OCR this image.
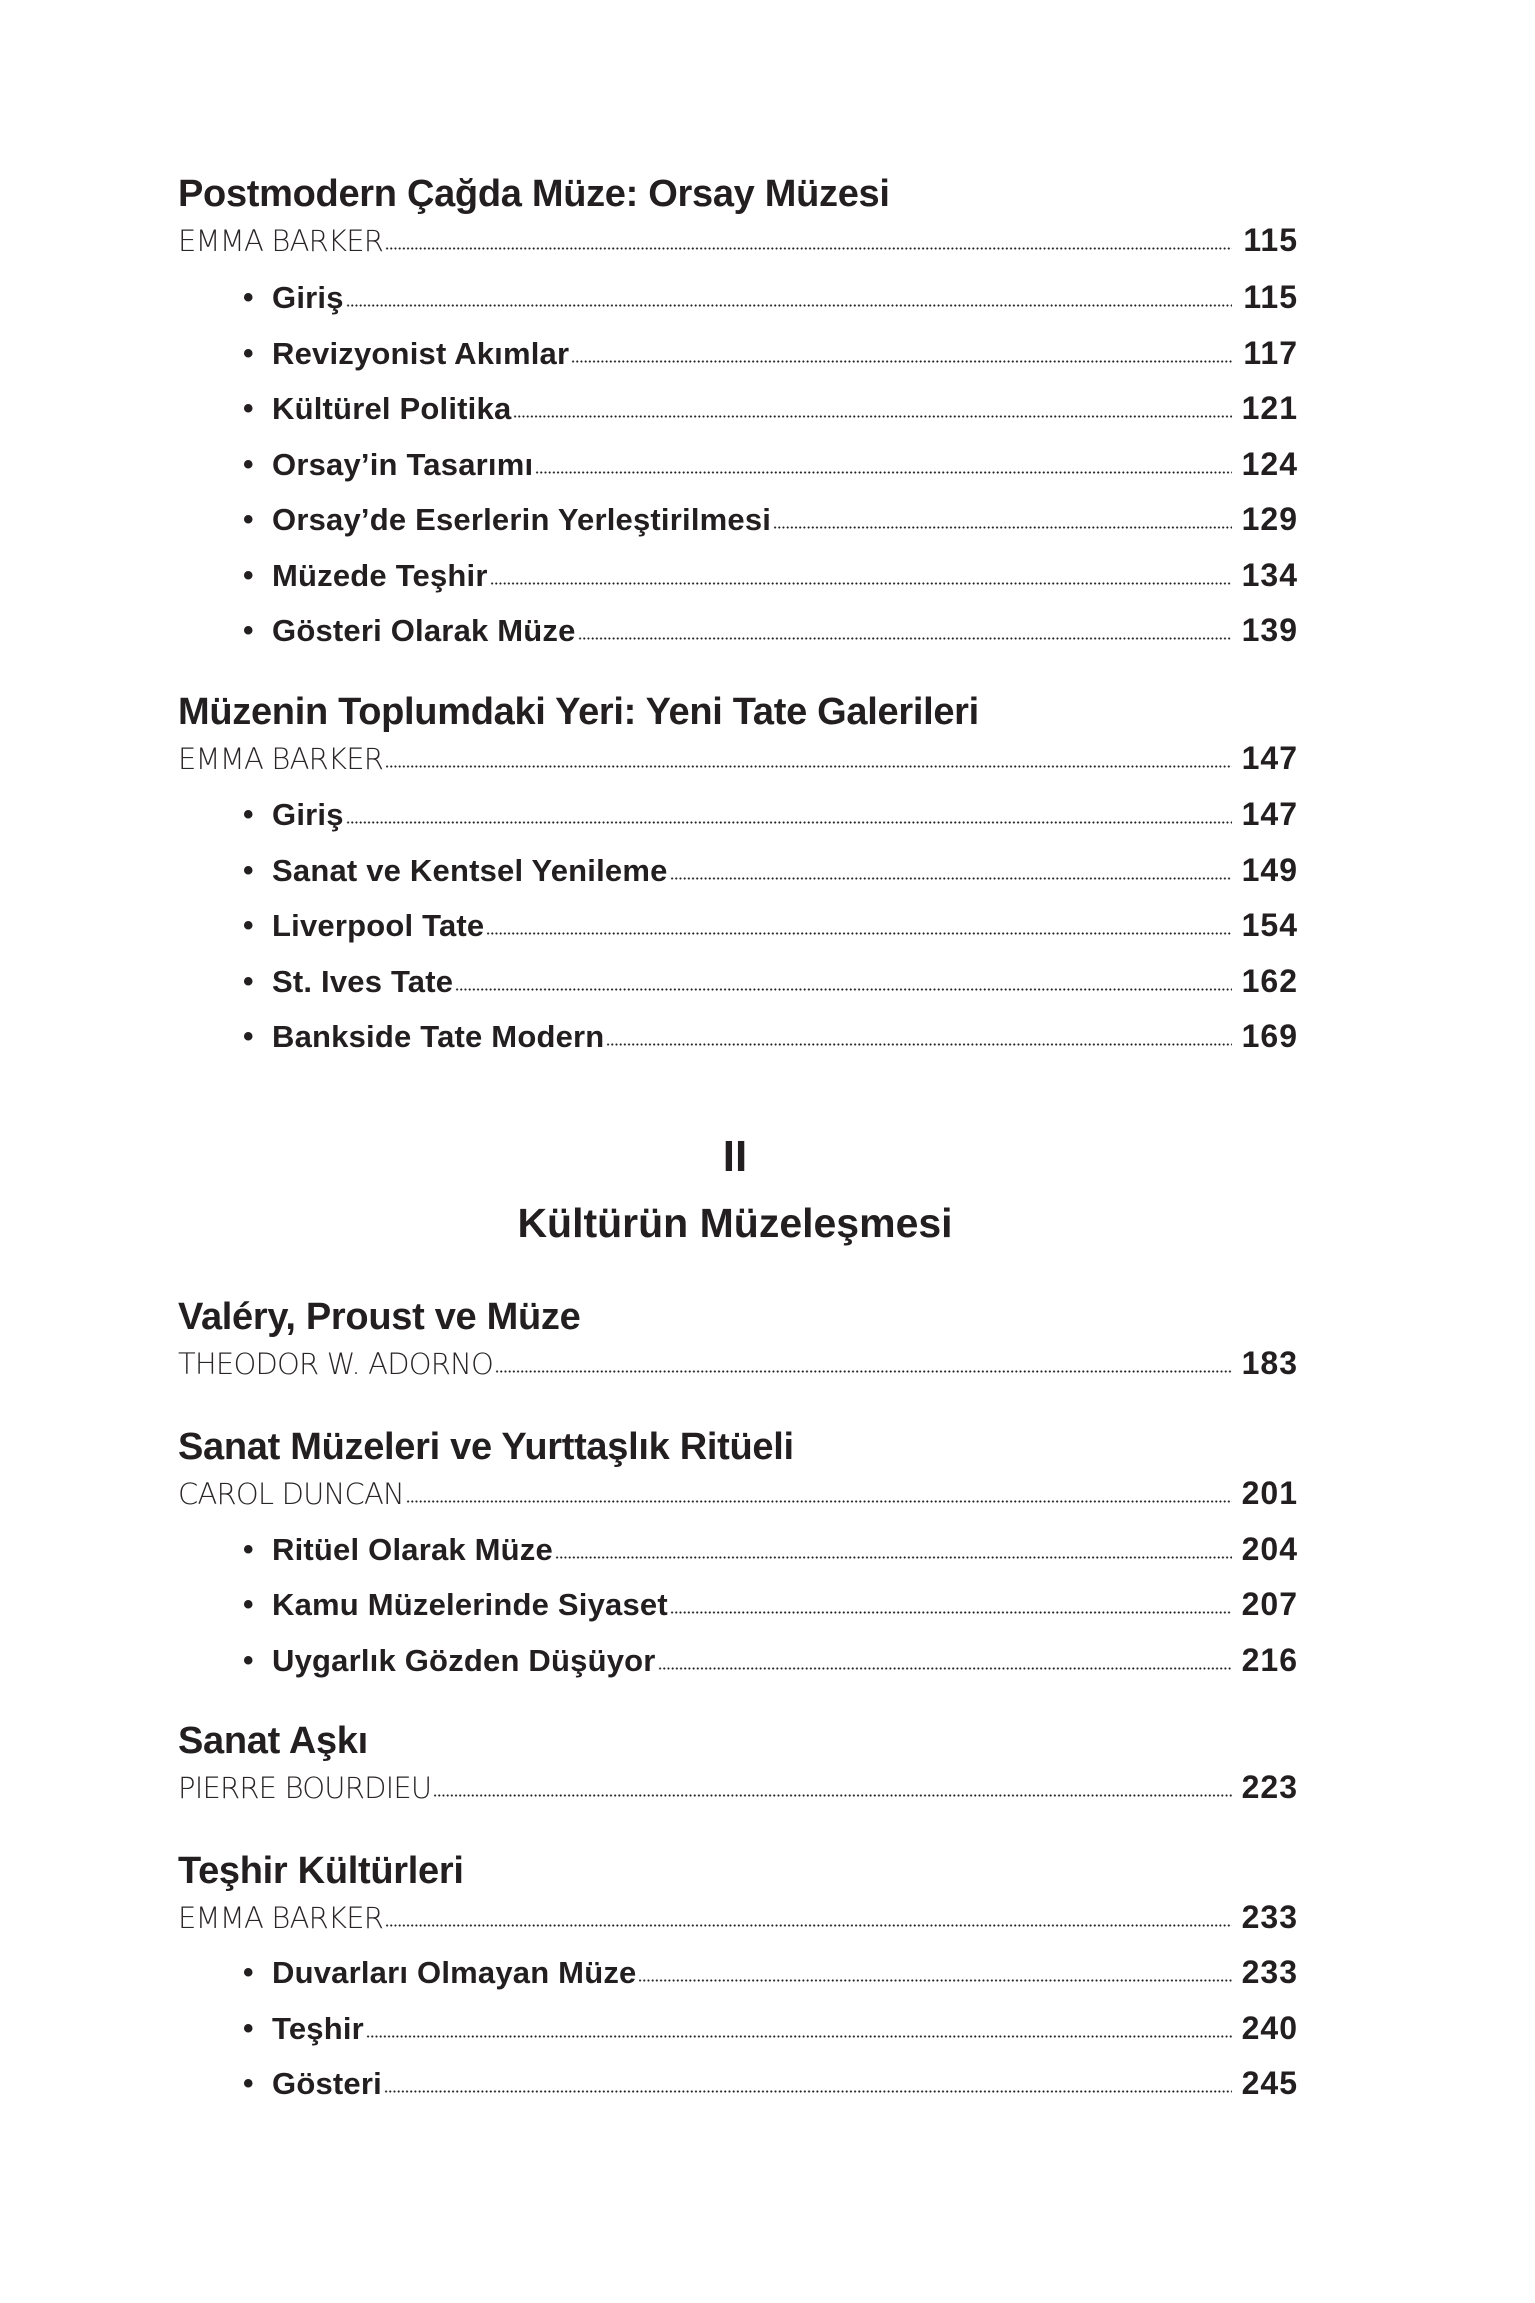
Postmodern Çağda Müze: Orsay Müzesi
EMMA BARKER	115
•
Giriş	115
•
Revizyonist Akımlar	117
•
Kültürel Politika	121
•
Orsay’in Tasarımı	124
•
Orsay’de Eserlerin Yerleştirilmesi	129
•
Müzede Teşhir	134
•
Gösteri Olarak Müze	139
Müzenin Toplumdaki Yeri: Yeni Tate Galerileri
EMMA BARKER	147
•
Giriş	147
•
Sanat ve Kentsel Yenileme	149
•
Liverpool Tate	154
•
St. Ives Tate	162
•
Bankside Tate Modern	169
II
Kültürün Müzeleşmesi
Valéry, Proust ve Müze
THEODOR W. ADORNO	183
Sanat Müzeleri ve Yurttaşlık Ritüeli
CAROL DUNCAN	201
•
Ritüel Olarak Müze	204
•
Kamu Müzelerinde Siyaset	207
•
Uygarlık Gözden Düşüyor	216
Sanat Aşkı
PIERRE BOURDIEU	223
Teşhir Kültürleri
EMMA BARKER	233
•
Duvarları Olmayan Müze	233
•
Teşhir	240
•
Gösteri	245
